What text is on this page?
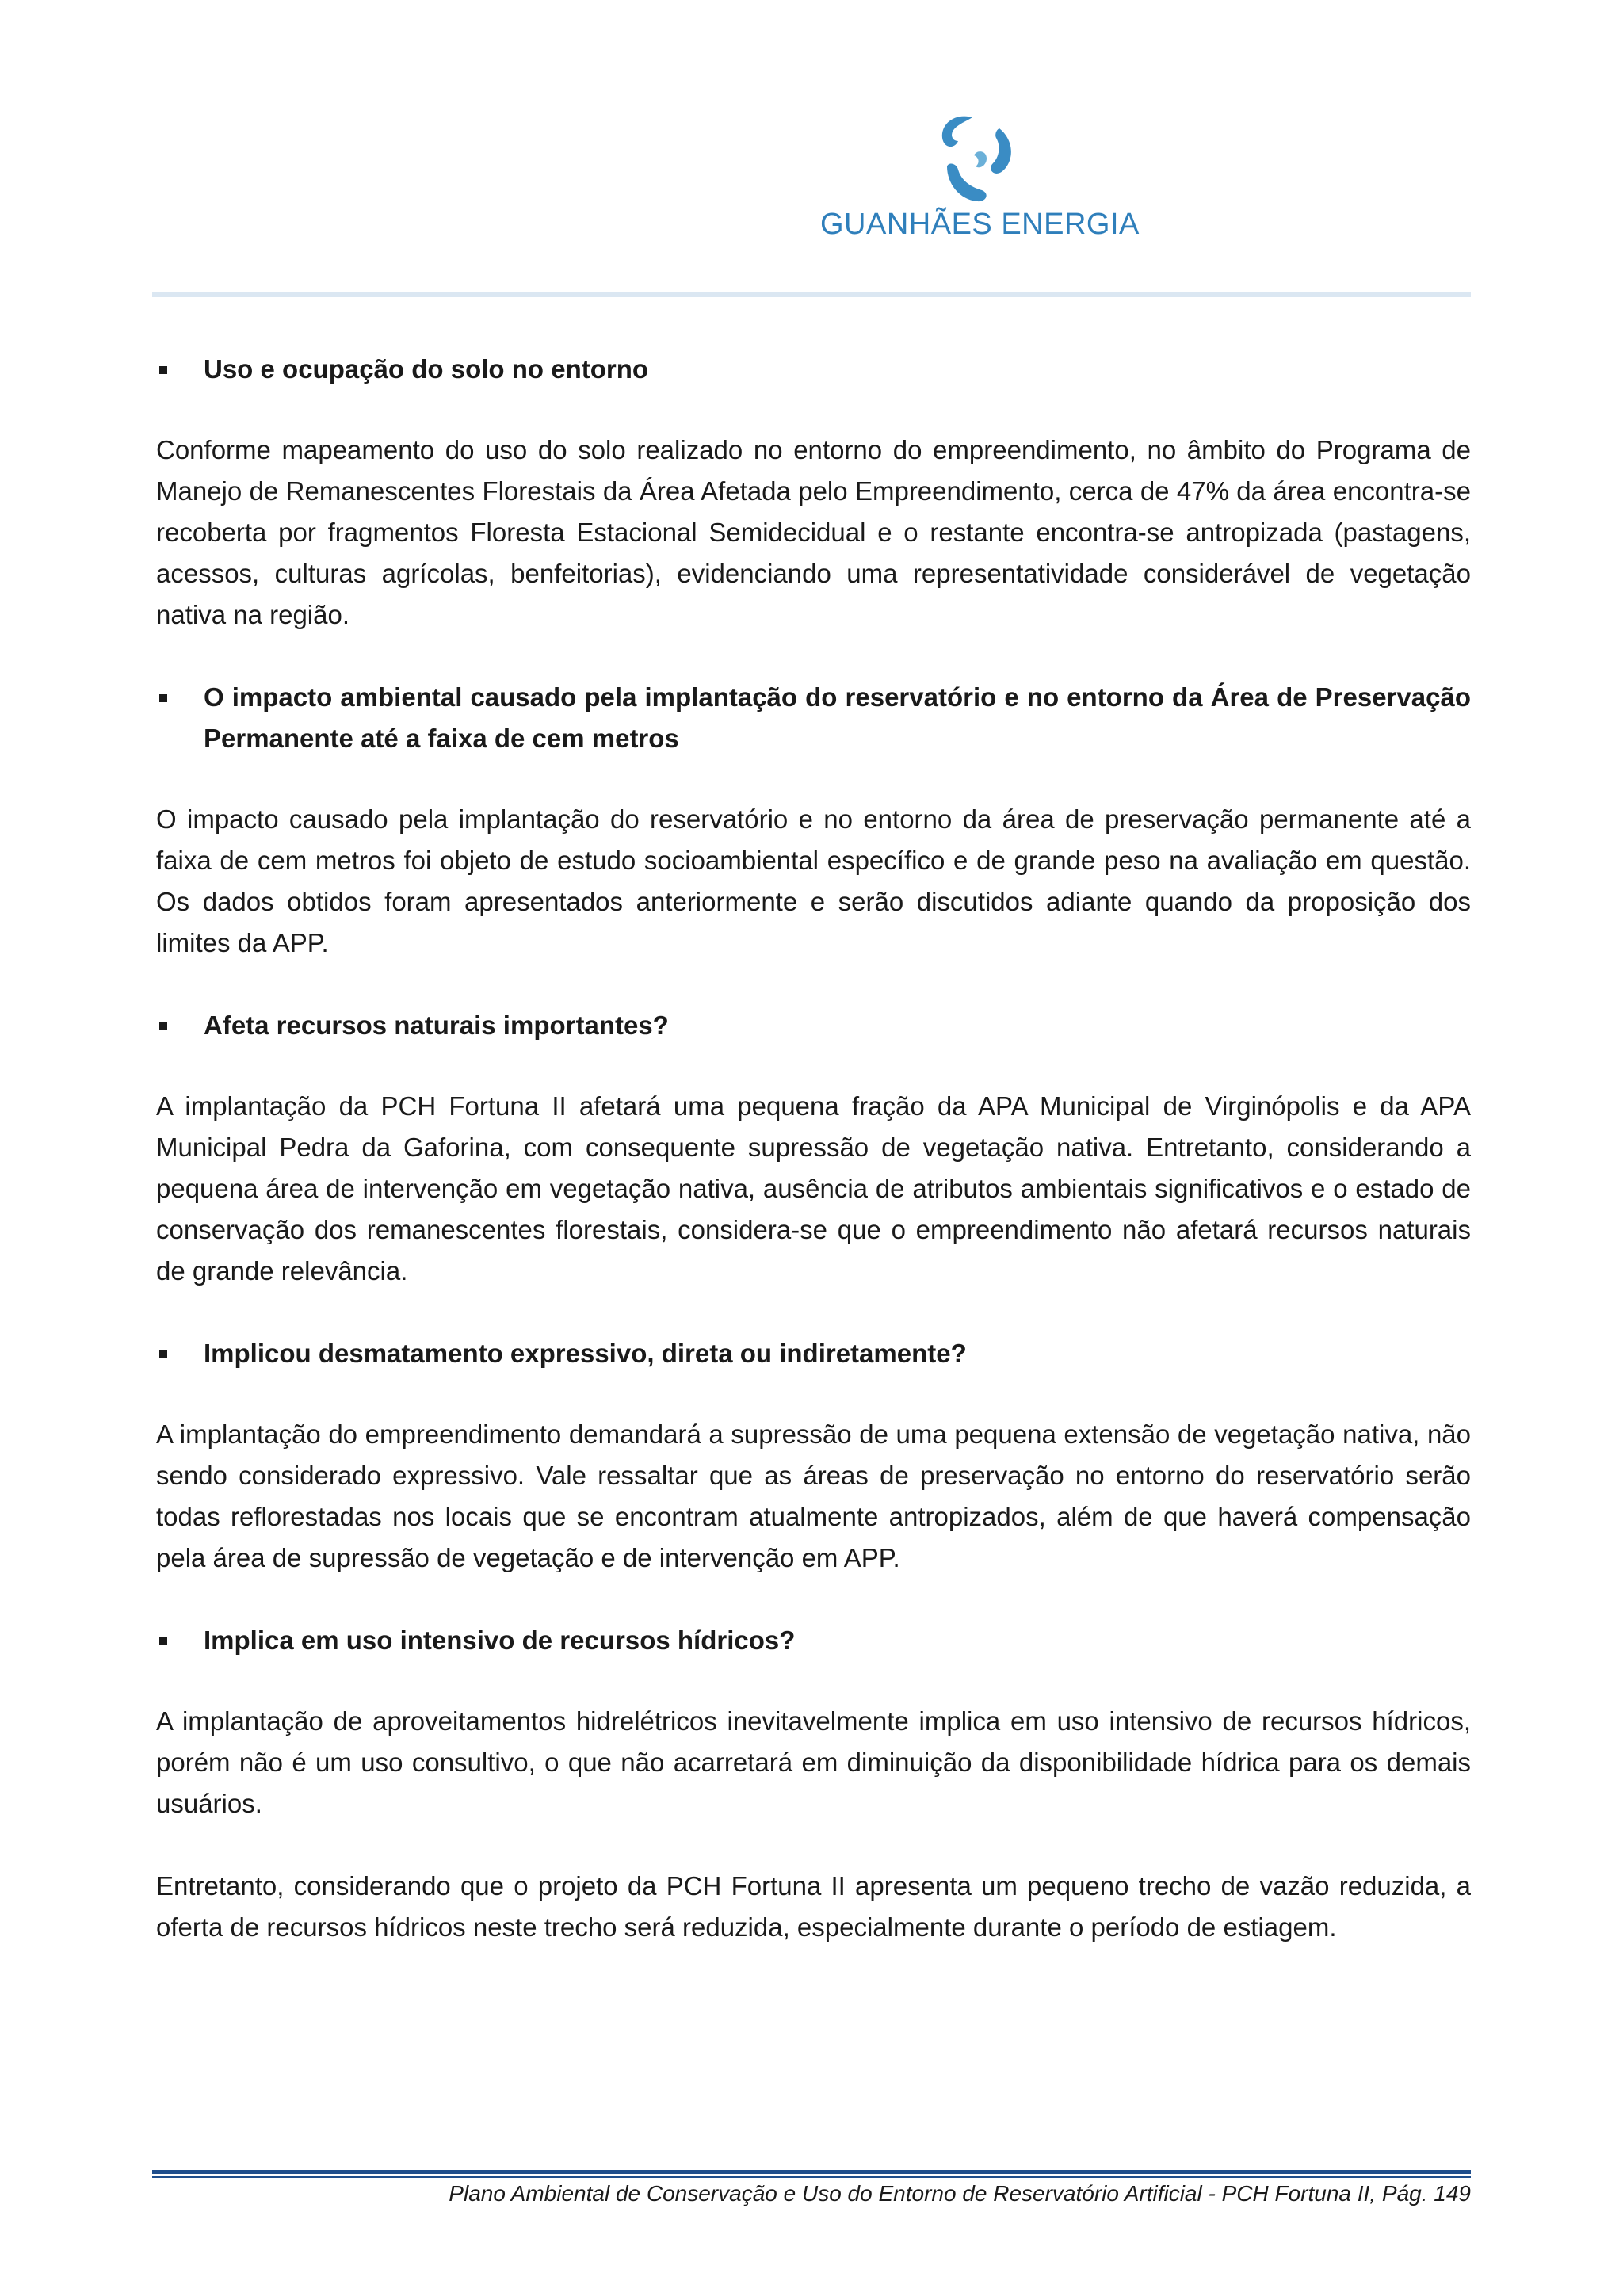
GUANHÃES ENERGIA
Uso e ocupação do solo no entorno

Conforme mapeamento do uso do solo realizado no entorno do empreendimento, no âmbito do Programa de Manejo de Remanescentes Florestais da Área Afetada pelo Empreendimento, cerca de 47% da área encontra-se recoberta por fragmentos Floresta Estacional Semidecidual e o restante encontra-se antropizada (pastagens, acessos, culturas agrícolas, benfeitorias), evidenciando uma representatividade considerável de vegetação nativa na região.

O impacto ambiental causado pela implantação do reservatório e no entorno da Área de Preservação Permanente até a faixa de cem metros

O impacto causado pela implantação do reservatório e no entorno da área de preservação permanente até a faixa de cem metros foi objeto de estudo socioambiental específico e de grande peso na avaliação em questão. Os dados obtidos foram apresentados anteriormente e serão discutidos adiante quando da proposição dos limites da APP.

Afeta recursos naturais importantes?

A implantação da PCH Fortuna II afetará uma pequena fração da APA Municipal de Virginópolis e da APA Municipal Pedra da Gaforina, com consequente supressão de vegetação nativa. Entretanto, considerando a pequena área de intervenção em vegetação nativa, ausência de atributos ambientais significativos e o estado de conservação dos remanescentes florestais, considera-se que o empreendimento não afetará recursos naturais de grande relevância.

Implicou desmatamento expressivo, direta ou indiretamente?

A implantação do empreendimento demandará a supressão de uma pequena extensão de vegetação nativa, não sendo considerado expressivo. Vale ressaltar que as áreas de preservação no entorno do reservatório serão todas reflorestadas nos locais que se encontram atualmente antropizados, além de que haverá compensação pela área de supressão de vegetação e de intervenção em APP.

Implica em uso intensivo de recursos hídricos?

A implantação de aproveitamentos hidrelétricos inevitavelmente implica em uso intensivo de recursos hídricos, porém não é um uso consultivo, o que não acarretará em diminuição da disponibilidade hídrica para os demais usuários.

Entretanto, considerando que o projeto da PCH Fortuna II apresenta um pequeno trecho de vazão reduzida, a oferta de recursos hídricos neste trecho será reduzida, especialmente durante o período de estiagem.

Plano Ambiental de Conservação e Uso do Entorno de Reservatório Artificial - PCH Fortuna II, Pág. 149
